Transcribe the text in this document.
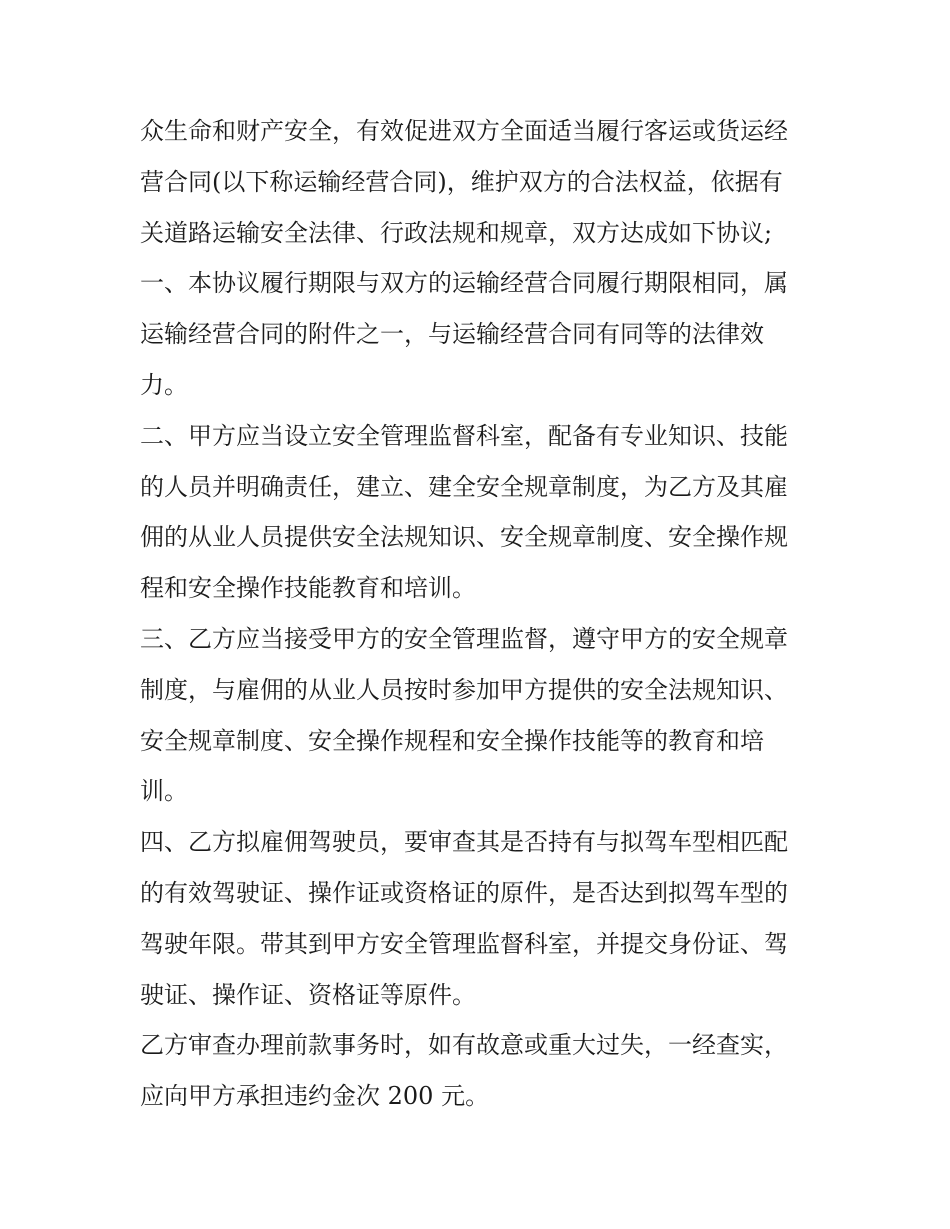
众生命和财产安全，有效促进双方全面适当履行客运或货运经

营合同(以下称运输经营合同)，维护双方的合法权益，依据有

关道路运输安全法律、行政法规和规章，双方达成如下协议;

一、本协议履行期限与双方的运输经营合同履行期限相同，属

运输经营合同的附件之一，与运输经营合同有同等的法律效

力。

二、甲方应当设立安全管理监督科室，配备有专业知识、技能

的人员并明确责任，建立、建全安全规章制度，为乙方及其雇

佣的从业人员提供安全法规知识、安全规章制度、安全操作规

程和安全操作技能教育和培训。

三、乙方应当接受甲方的安全管理监督，遵守甲方的安全规章

制度，与雇佣的从业人员按时参加甲方提供的安全法规知识、

安全规章制度、安全操作规程和安全操作技能等的教育和培

训。

四、乙方拟雇佣驾驶员，要审查其是否持有与拟驾车型相匹配

的有效驾驶证、操作证或资格证的原件，是否达到拟驾车型的

驾驶年限。带其到甲方安全管理监督科室，并提交身份证、驾

驶证、操作证、资格证等原件。

乙方审查办理前款事务时，如有故意或重大过失，一经查实，

应向甲方承担违约金次 200 元。
